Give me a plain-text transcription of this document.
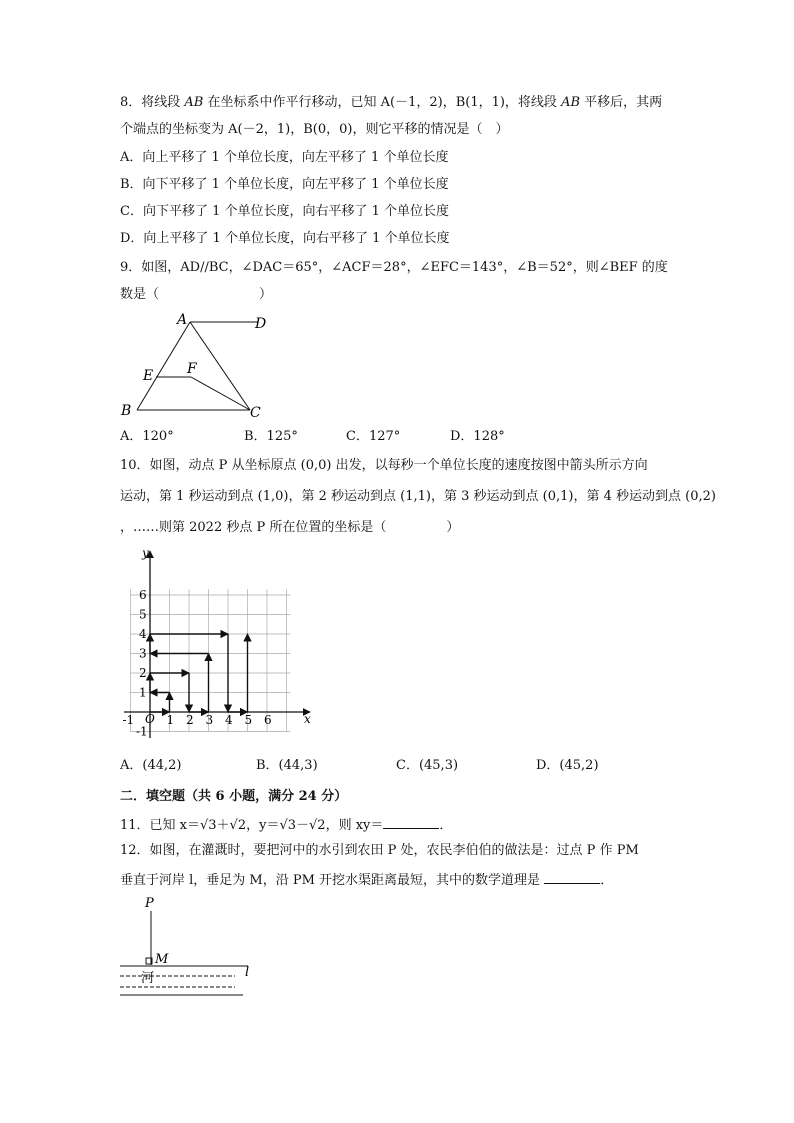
8．将线段 AB 在坐标系中作平行移动，已知 A(－1，2)，B(1，1)，将线段 AB 平移后，其两
个端点的坐标变为 A(－2，1)，B(0，0)，则它平移的情况是（　）
A．向上平移了 1 个单位长度，向左平移了 1 个单位长度
B．向下平移了 1 个单位长度，向左平移了 1 个单位长度
C．向下平移了 1 个单位长度，向右平移了 1 个单位长度
D．向上平移了 1 个单位长度，向右平移了 1 个单位长度
9．如图，AD//BC，∠DAC＝65°，∠ACF＝28°，∠EFC＝143°，∠B＝52°，则∠BEF 的度
数是（	）
A	D
E F
B	C
A．120°	B．125°	C．127°	D．128°
10．如图，动点 P 从坐标原点 (0,0) 出发，以每秒一个单位长度的速度按图中箭头所示方向
运动，第 1 秒运动到点 (1,0)，第 2 秒运动到点 (1,1)，第 3 秒运动到点 (0,1)，第 4 秒运动到点 (0,2)
，……则第 2022 秒点 P 所在位置的坐标是（	）
x
y
O
-1	1 2 3 4 5 6
1
2
3
4
5
6
-1
A．(44,2)	B．(44,3)	C．(45,3)	D．(45,2)
二．填空题（共 6 小题，满分 24 分）
11．已知 x＝√3＋√2，y＝√3－√2，则 xy＝	．
12．如图，在灌溉时，要把河中的水引到农田 P 处，农民李伯伯的做法是：过点 P 作 PM
垂直于河岸 l，垂足为 M，沿 PM 开挖水渠距离最短，其中的数学道理是	．
P
M
河	l
